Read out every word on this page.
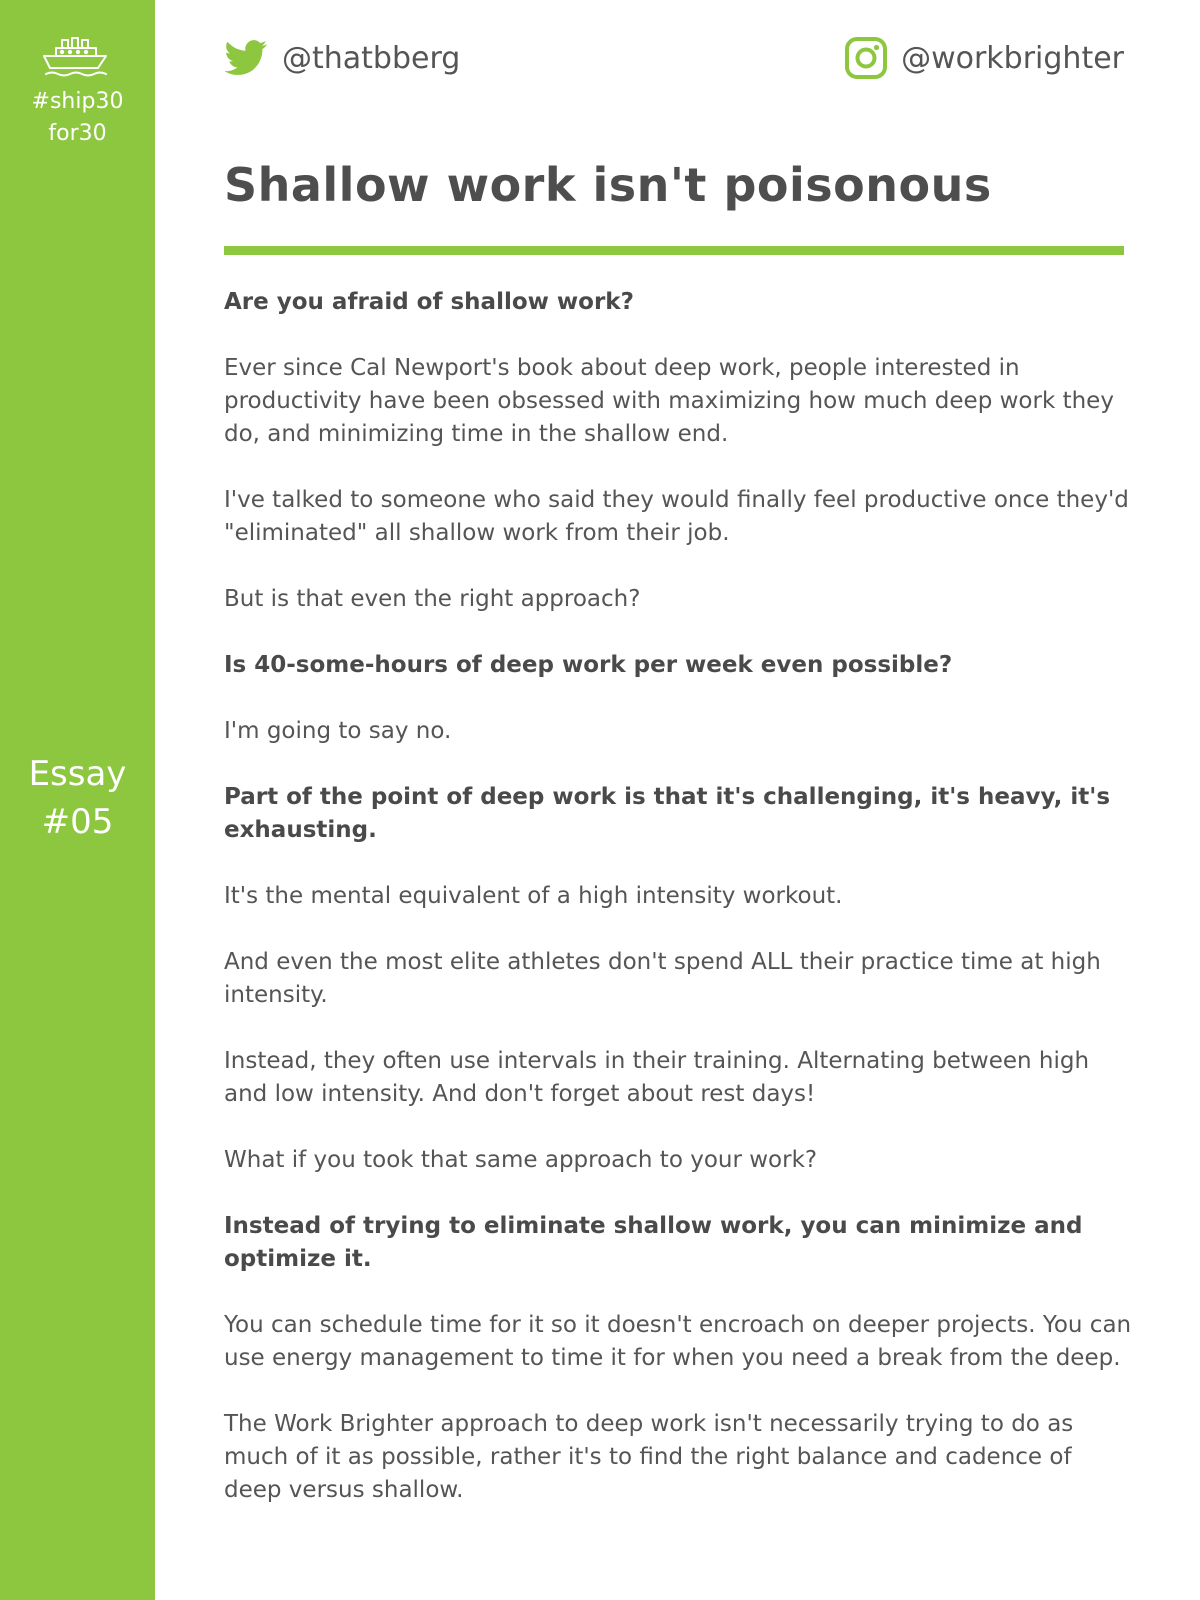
#ship30
for30
Essay
#05
@thatbberg	@workbrighter
Shallow work isn't poisonous

Are you afraid of shallow work?

Ever since Cal Newport's book about deep work, people interested in productivity have been obsessed with maximizing how much deep work they do, and minimizing time in the shallow end.

I've talked to someone who said they would finally feel productive once they'd "eliminated" all shallow work from their job.

But is that even the right approach?

Is 40-some-hours of deep work per week even possible?

I'm going to say no.

Part of the point of deep work is that it's challenging, it's heavy, it's exhausting.

It's the mental equivalent of a high intensity workout.

And even the most elite athletes don't spend ALL their practice time at high intensity.

Instead, they often use intervals in their training. Alternating between high and low intensity. And don't forget about rest days!

What if you took that same approach to your work?

Instead of trying to eliminate shallow work, you can minimize and optimize it.

You can schedule time for it so it doesn't encroach on deeper projects. You can use energy management to time it for when you need a break from the deep.

The Work Brighter approach to deep work isn't necessarily trying to do as much of it as possible, rather it's to find the right balance and cadence of deep versus shallow.
